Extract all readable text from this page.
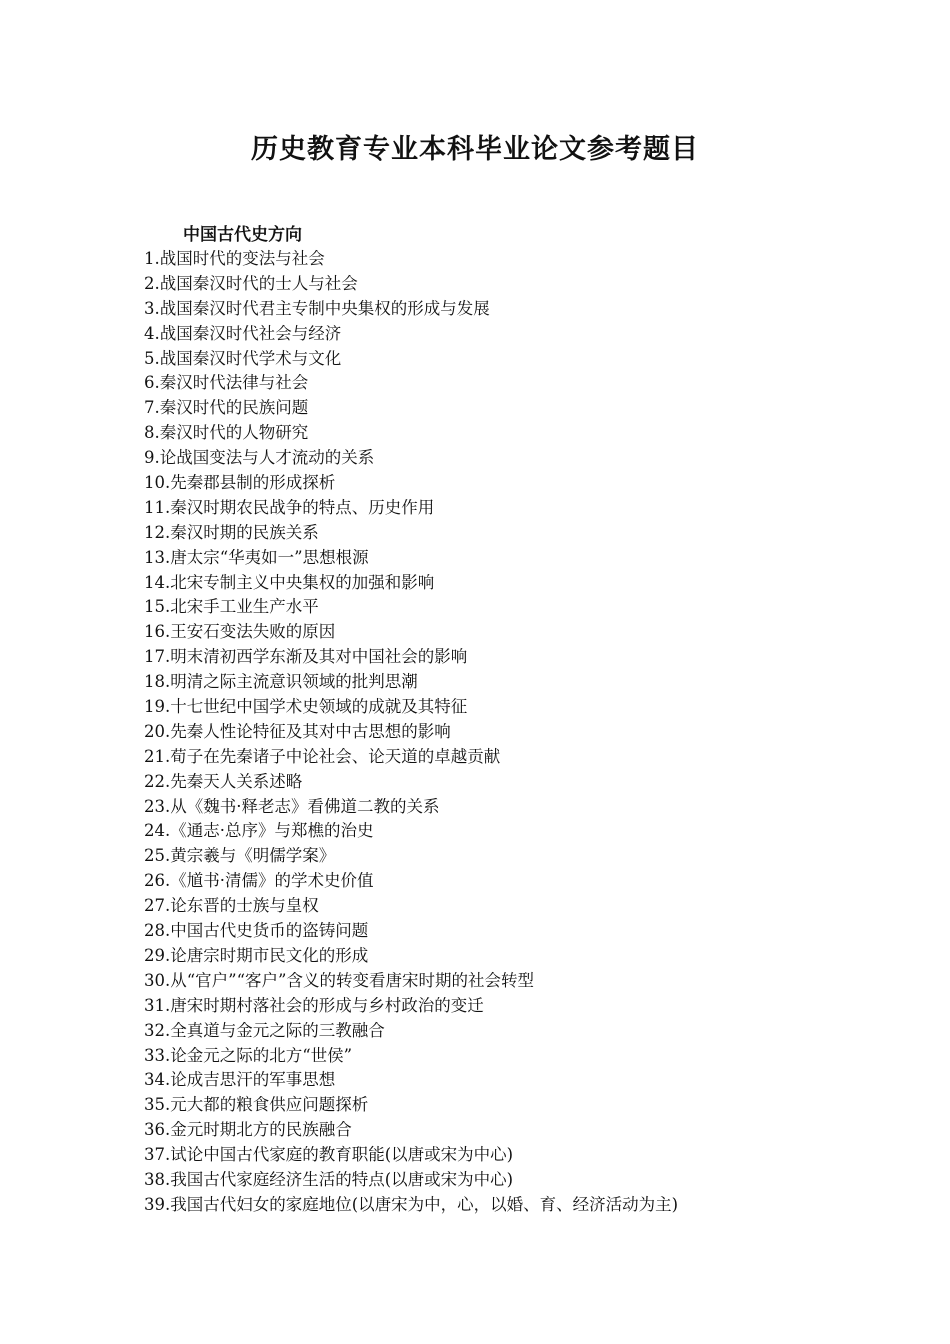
历史教育专业本科毕业论文参考题目
中国古代史方向
1.战国时代的变法与社会
2.战国秦汉时代的士人与社会
3.战国秦汉时代君主专制中央集权的形成与发展
4.战国秦汉时代社会与经济
5.战国秦汉时代学术与文化
6.秦汉时代法律与社会
7.秦汉时代的民族问题
8.秦汉时代的人物研究
9.论战国变法与人才流动的关系
10.先秦郡县制的形成探析
11.秦汉时期农民战争的特点、历史作用
12.秦汉时期的民族关系
13.唐太宗“华夷如一”思想根源
14.北宋专制主义中央集权的加强和影响
15.北宋手工业生产水平
16.王安石变法失败的原因
17.明末清初西学东渐及其对中国社会的影响
18.明清之际主流意识领域的批判思潮
19.十七世纪中国学术史领域的成就及其特征
20.先秦人性论特征及其对中古思想的影响
21.荀子在先秦诸子中论社会、论天道的卓越贡献
22.先秦天人关系述略
23.从《魏书·释老志》看佛道二教的关系
24.《通志·总序》与郑樵的治史
25.黄宗羲与《明儒学案》
26.《馗书·清儒》的学术史价值
27.论东晋的士族与皇权
28.中国古代史货币的盗铸问题
29.论唐宗时期市民文化的形成
30.从“官户”“客户”含义的转变看唐宋时期的社会转型
31.唐宋时期村落社会的形成与乡村政治的变迁
32.全真道与金元之际的三教融合
33.论金元之际的北方“世侯”
34.论成吉思汗的军事思想
35.元大都的粮食供应问题探析
36.金元时期北方的民族融合
37.试论中国古代家庭的教育职能(以唐或宋为中心)
38.我国古代家庭经济生活的特点(以唐或宋为中心)
39.我国古代妇女的家庭地位(以唐宋为中，心，以婚、育、经济活动为主)
